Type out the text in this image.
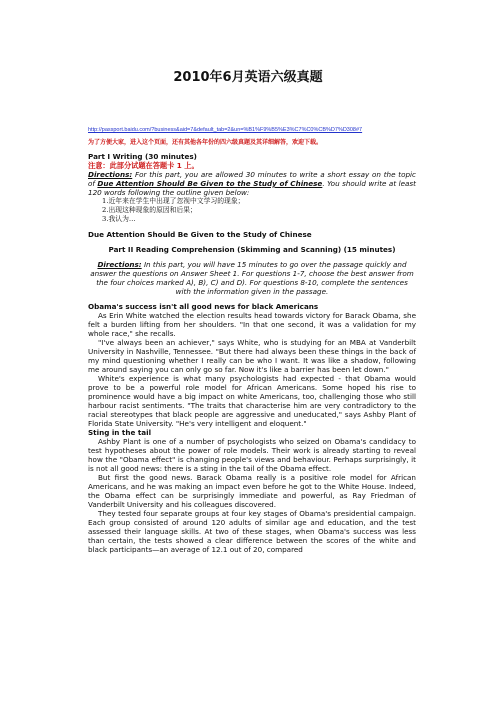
2010年6月英语六级真题
http://passport.baidu.com/?business&aid=7&default_tab=2&un=%B1%F9%B5%E3%C7%C0%CB%D7%D308#7
为了方便大家，进入这个页面，还有其他各年份的四六级真题及其详细解答，欢迎下载。

Part I Writing (30 minutes)

注意：此部分试题在答题卡 1 上。

Directions: For this part, you are allowed 30 minutes to write a short essay on the topic of Due Attention Should Be Given to the Study of Chinese. You should write at least 120 words following the outline given below:

1.近年来在学生中出现了忽视中文学习的现象；

2.出现这种现象的原因和后果；

3.我认为…

Due Attention Should Be Given to the Study of Chinese

Part II Reading Comprehension (Skimming and Scanning) (15 minutes)

Directions: In this part, you will have 15 minutes to go over the passage quickly and answer the questions on Answer Sheet 1. For questions 1-7, choose the best answer from the four choices marked A), B), C) and D). For questions 8-10, complete the sentences with the information given in the passage.

Obama's success isn't all good news for black Americans

As Erin White watched the election results head towards victory for Barack Obama, she felt a burden lifting from her shoulders. "In that one second, it was a validation for my whole race," she recalls.

"I've always been an achiever," says White, who is studying for an MBA at Vanderbilt University in Nashville, Tennessee. "But there had always been these things in the back of my mind questioning whether I really can be who I want. It was like a shadow, following me around saying you can only go so far. Now it's like a barrier has been let down."

White's experience is what many psychologists had expected - that Obama would prove to be a powerful role model for African Americans. Some hoped his rise to prominence would have a big impact on white Americans, too, challenging those who still harbour racist sentiments. "The traits that characterise him are very contradictory to the racial stereotypes that black people are aggressive and uneducated," says Ashby Plant of Florida State University. "He's very intelligent and eloquent."

Sting in the tail

Ashby Plant is one of a number of psychologists who seized on Obama's candidacy to test hypotheses about the power of role models. Their work is already starting to reveal how the "Obama effect" is changing people's views and behaviour. Perhaps surprisingly, it is not all good news: there is a sting in the tail of the Obama effect.

But first the good news. Barack Obama really is a positive role model for African Americans, and he was making an impact even before he got to the White House. Indeed, the Obama effect can be surprisingly immediate and powerful, as Ray Friedman of Vanderbilt University and his colleagues discovered.

They tested four separate groups at four key stages of Obama's presidential campaign. Each group consisted of around 120 adults of similar age and education, and the test assessed their language skills. At two of these stages, when Obama's success was less than certain, the tests showed a clear difference between the scores of the white and black participants—an average of 12.1 out of 20, compared
